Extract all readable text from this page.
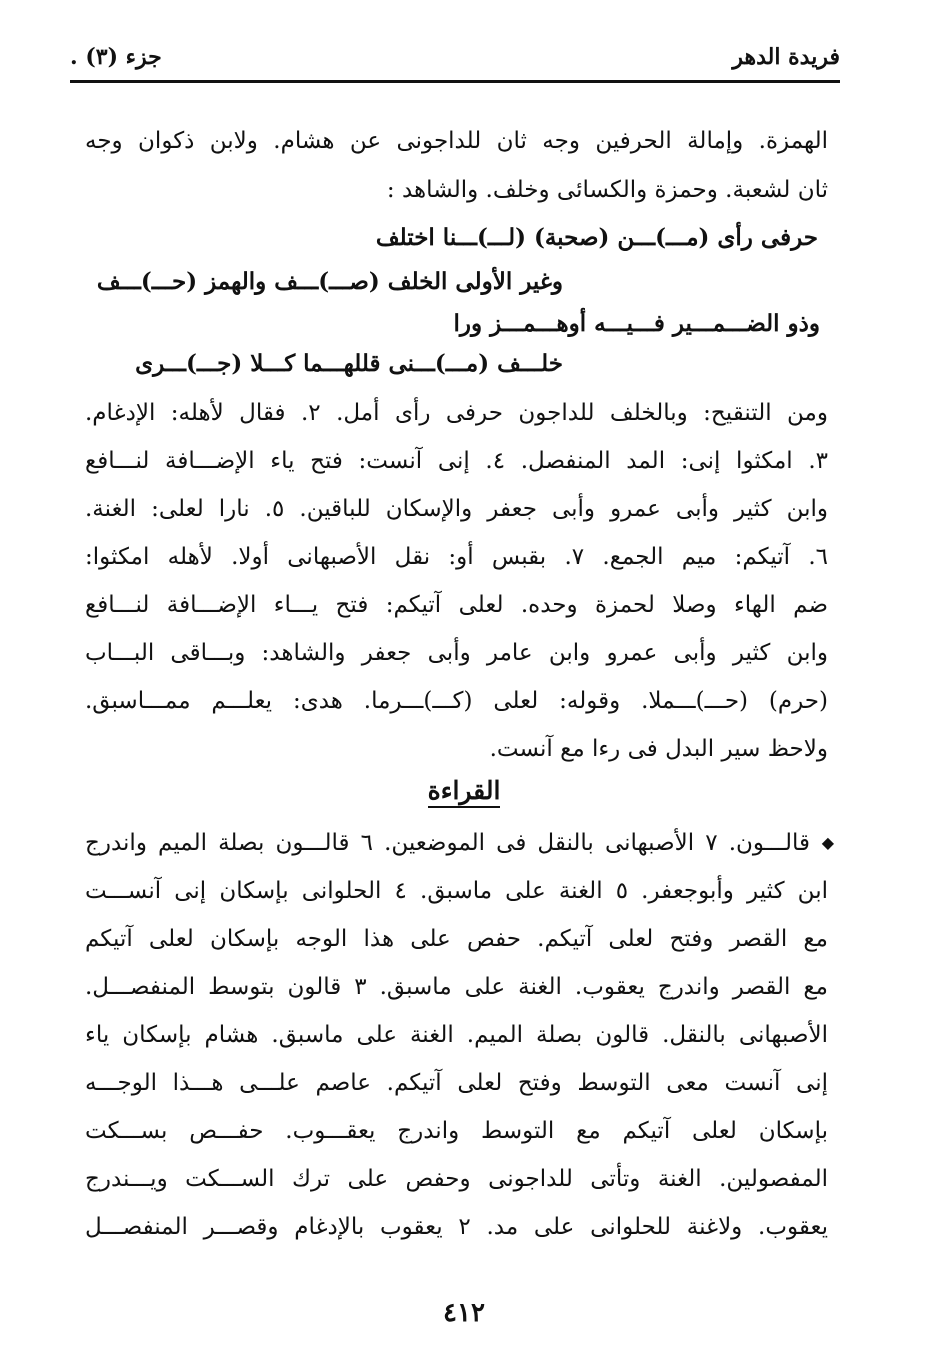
فريدة الدهر
جزء (٣) .
الهمزة. وإمالة الحرفين وجه ثان للداجونى عن هشام. ولابن ذكوان وجه
ثان لشعبة. وحمزة والكسائى وخلف. والشاهد :
حرفى رأى (مـــ)ـــن (صحبة) (لـــ)ـــنا اختلف
وغير الأولى الخلف (صـــ)ـــف والهمز (حـــ)ـــف
وذو الضـــمـــير فـــيـــه أوهـــمـــز ورا
خلـــف (مـــ)ـــنى قللهـــما كـــلا (جـــ)ـــرى
ومن التنقيح: وبالخلف للداجون حرفى رأى أمل. ٢. فقال لأهله: الإدغام.
٣. امكثوا إنى: المد المنفصل. ٤. إنى آنست: فتح ياء الإضـــافة لنـــافع
وابن كثير وأبى عمرو وأبى جعفر والإسكان للباقين. ٥. نارا لعلى: الغنة.
٦. آتيكم: ميم الجمع. ٧. بقبس أو: نقل الأصبهانى أولا. لأهله امكثوا:
ضم الهاء وصلا لحمزة وحده. لعلى آتيكم: فتح يـــاء الإضـــافة لنـــافع
وابن كثير وأبى عمرو وابن عامر وأبى جعفر والشاهد: وبـــاقى البـــاب
(حرم) (حـــ)ـــملا. وقوله: لعلى (كـــ)ـــرما. هدى: يعلـــم ممـــاسبق.
ولاحظ سير البدل فى رءا مع آنست.
القراءة
◆
قالـــون. ٧ الأصبهانى بالنقل فى الموضعين. ٦ قالـــون بصلة الميم واندرج
ابن كثير وأبوجعفر. ٥ الغنة على ماسبق. ٤ الحلوانى بإسكان إنى آنســـت
مع القصر وفتح لعلى آتيكم. حفص على هذا الوجه بإسكان لعلى آتيكم
مع القصر واندرج يعقوب. الغنة على ماسبق. ٣ قالون بتوسط المنفصـــل.
الأصبهانى بالنقل. قالون بصلة الميم. الغنة على ماسبق. هشام بإسكان ياء
إنى آنست معى التوسط وفتح لعلى آتيكم. عاصم علـــى هـــذا الوجـــه
بإسكان لعلى آتيكم مع التوسط واندرج يعقـــوب. حفـــص بســـكت
المفصولين. الغنة وتأتى للداجونى وحفص على ترك الســـكت ويـــندرج
يعقوب. ولاغنة للحلوانى على مد. ٢ يعقوب بالإدغام وقصـــر المنفصـــل
٤١٢
